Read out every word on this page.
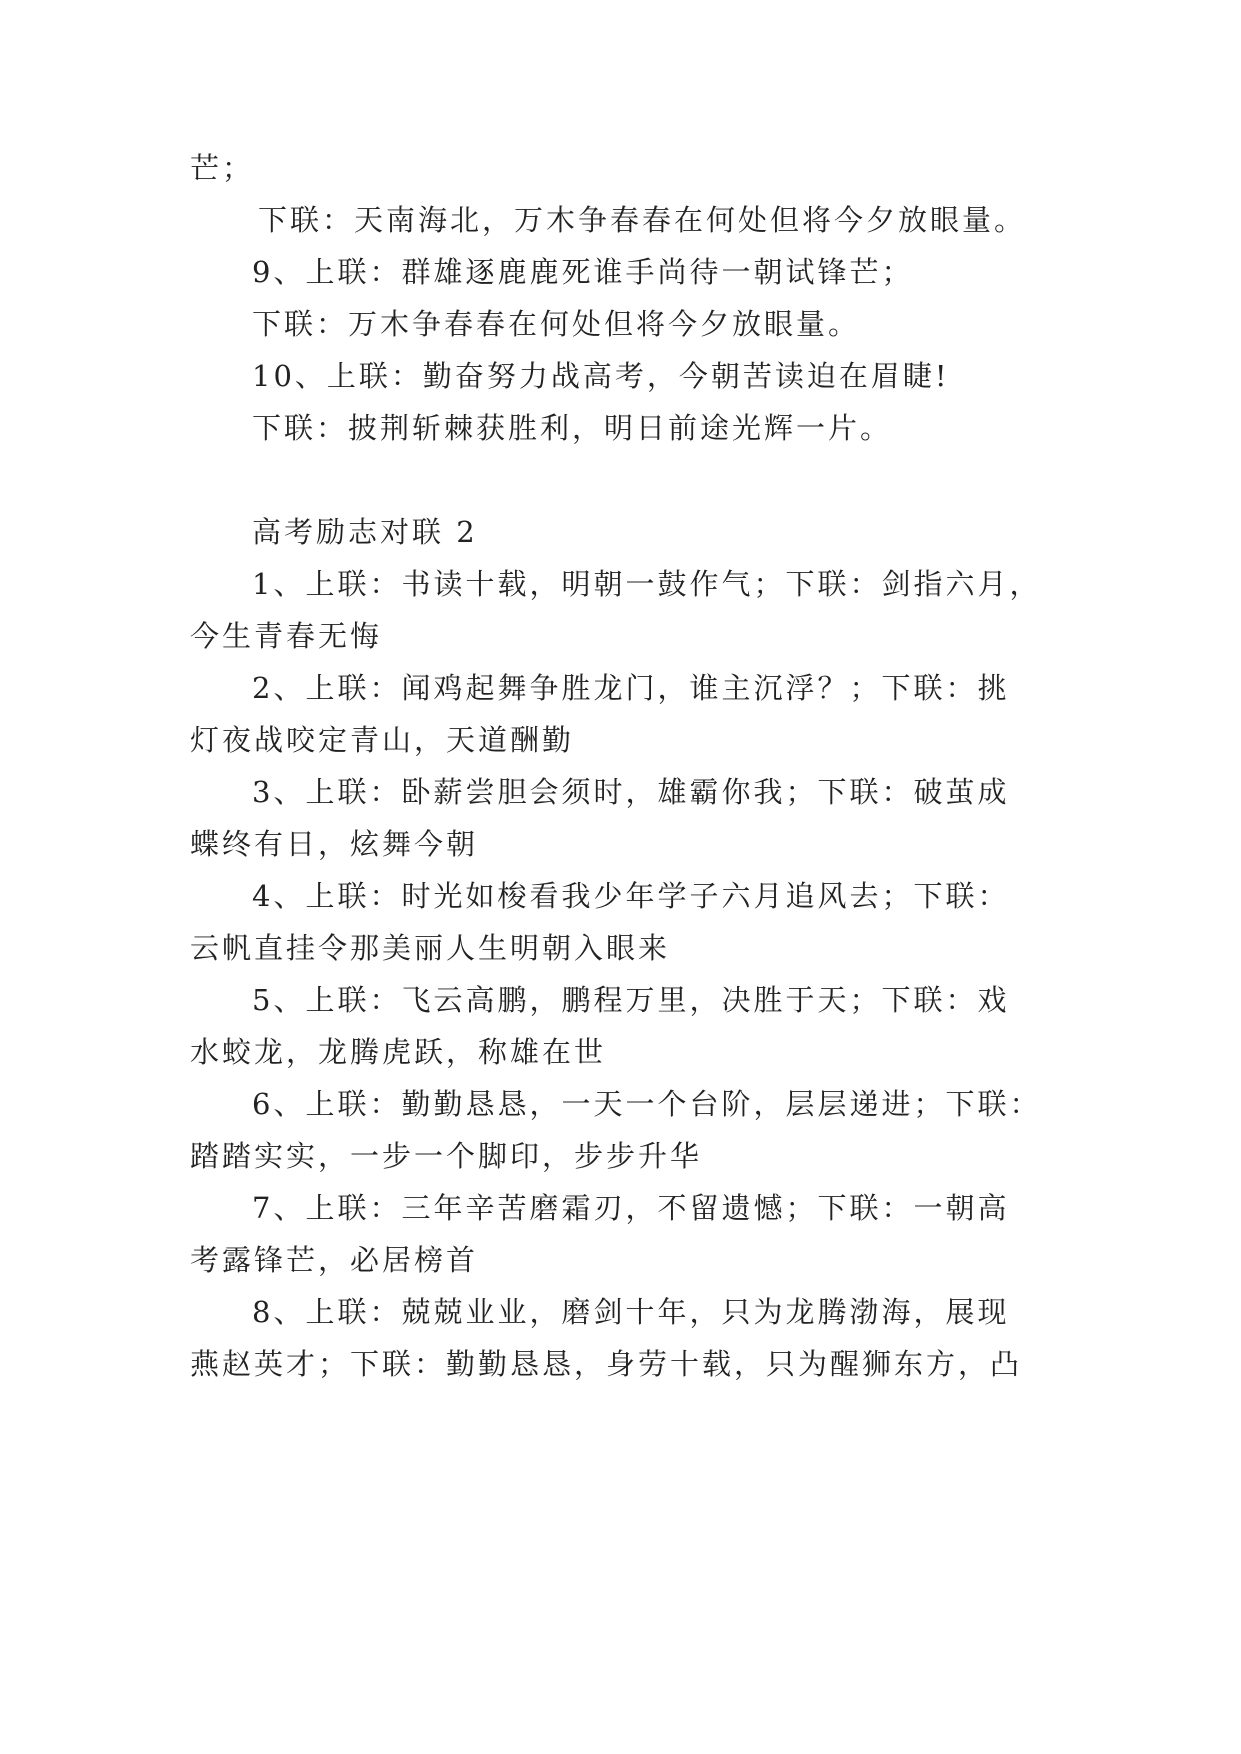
芒；
下联：天南海北，万木争春春在何处但将今夕放眼量。
9、上联：群雄逐鹿鹿死谁手尚待一朝试锋芒；
下联：万木争春春在何处但将今夕放眼量。
10、上联：勤奋努力战高考，今朝苦读迫在眉睫!
下联：披荆斩棘获胜利，明日前途光辉一片。
高考励志对联 2
1、上联：书读十载，明朝一鼓作气；下联：剑指六月，
今生青春无悔
2、上联：闻鸡起舞争胜龙门，谁主沉浮？；下联：挑
灯夜战咬定青山，天道酬勤
3、上联：卧薪尝胆会须时，雄霸你我；下联：破茧成
蝶终有日，炫舞今朝
4、上联：时光如梭看我少年学子六月追风去；下联：
云帆直挂令那美丽人生明朝入眼来
5、上联：飞云高鹏，鹏程万里，决胜于天；下联：戏
水蛟龙，龙腾虎跃，称雄在世
6、上联：勤勤恳恳，一天一个台阶，层层递进；下联：
踏踏实实，一步一个脚印，步步升华
7、上联：三年辛苦磨霜刃，不留遗憾；下联：一朝高
考露锋芒，必居榜首
8、上联：兢兢业业，磨剑十年，只为龙腾渤海，展现
燕赵英才；下联：勤勤恳恳，身劳十载，只为醒狮东方，凸
